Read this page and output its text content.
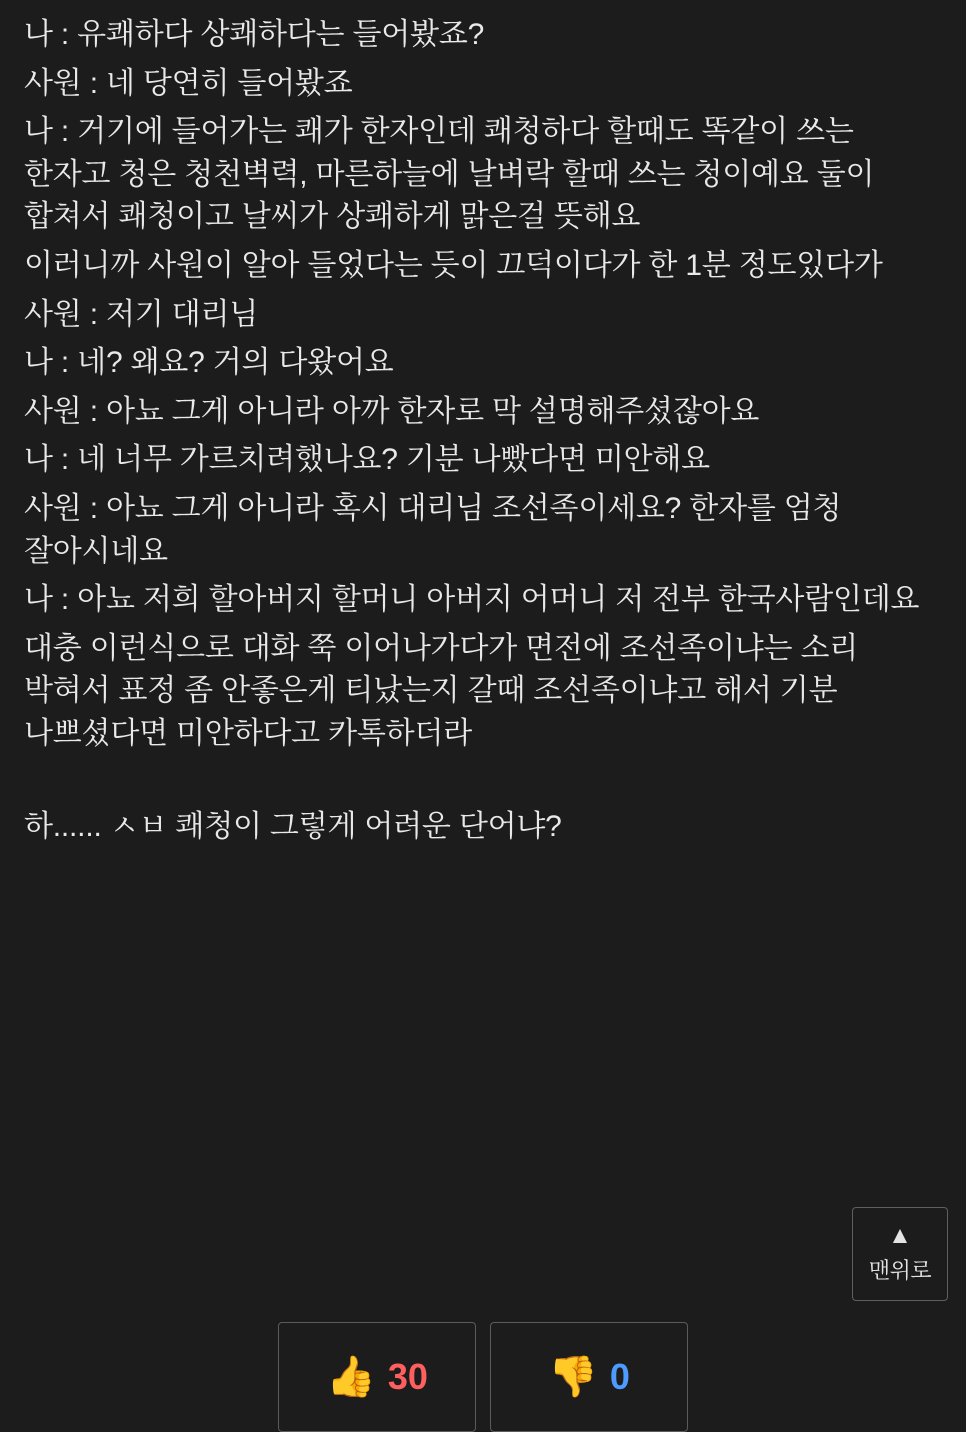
나 : 유쾌하다 상쾌하다는 들어봤죠?

사원 : 네 당연히 들어봤죠

나 : 거기에 들어가는 쾌가 한자인데 쾌청하다 할때도 똑같이 쓰는 한자고 청은 청천벽력, 마른하늘에 날벼락 할때 쓰는 청이예요 둘이 합쳐서 쾌청이고 날씨가 상쾌하게 맑은걸 뜻해요

이러니까 사원이 알아 들었다는 듯이 끄덕이다가 한 1분 정도있다가

사원 : 저기 대리님

나 : 네? 왜요? 거의 다왔어요

사원 : 아뇨 그게 아니라 아까 한자로 막 설명해주셨잖아요

나 : 네 너무 가르치려했나요? 기분 나빴다면 미안해요

사원 : 아뇨 그게 아니라 혹시 대리님 조선족이세요? 한자를 엄청 잘아시네요

나 : 아뇨 저희 할아버지 할머니 아버지 어머니 저 전부 한국사람인데요

대충 이런식으로 대화 쭉 이어나가다가 면전에 조선족이냐는 소리 박혀서 표정 좀 안좋은게 티났는지 갈때 조선족이냐고 해서 기분 나쁘셨다면 미안하다고 카톡하더라

하...... ㅅㅂ 쾌청이 그렇게 어려운 단어냐?

▲
맨위로
👍 30	👎 0
